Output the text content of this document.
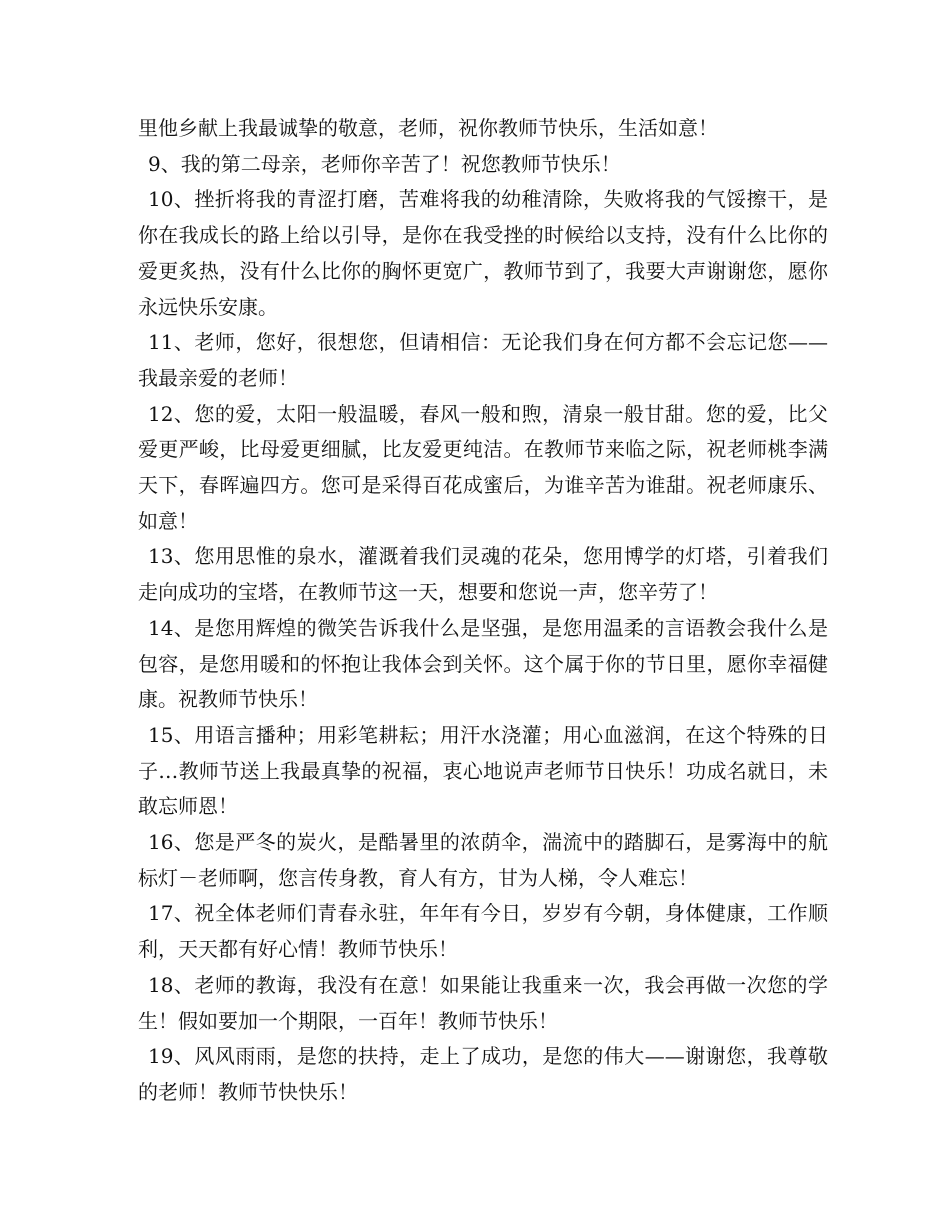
里他乡献上我最诚挚的敬意，老师，祝你教师节快乐，生活如意！

9、我的第二母亲，老师你辛苦了！祝您教师节快乐！

10、挫折将我的青涩打磨，苦难将我的幼稚清除，失败将我的气馁擦干，是你在我成长的路上给以引导，是你在我受挫的时候给以支持，没有什么比你的爱更炙热，没有什么比你的胸怀更宽广，教师节到了，我要大声谢谢您，愿你永远快乐安康。

11、老师，您好，很想您，但请相信：无论我们身在何方都不会忘记您——我最亲爱的老师！

12、您的爱，太阳一般温暖，春风一般和煦，清泉一般甘甜。您的爱，比父爱更严峻，比母爱更细腻，比友爱更纯洁。在教师节来临之际，祝老师桃李满天下，春晖遍四方。您可是采得百花成蜜后，为谁辛苦为谁甜。祝老师康乐、如意！

13、您用思惟的泉水，灌溉着我们灵魂的花朵，您用博学的灯塔，引着我们走向成功的宝塔，在教师节这一天，想要和您说一声，您辛劳了！

14、是您用辉煌的微笑告诉我什么是坚强，是您用温柔的言语教会我什么是包容，是您用暖和的怀抱让我体会到关怀。这个属于你的节日里，愿你幸福健康。祝教师节快乐！

15、用语言播种；用彩笔耕耘；用汗水浇灌；用心血滋润，在这个特殊的日子…教师节送上我最真挚的祝福，衷心地说声老师节日快乐！功成名就日，未敢忘师恩！

16、您是严冬的炭火，是酷暑里的浓荫伞，湍流中的踏脚石，是雾海中的航标灯－老师啊，您言传身教，育人有方，甘为人梯，令人难忘！

17、祝全体老师们青春永驻，年年有今日，岁岁有今朝，身体健康，工作顺利，天天都有好心情！教师节快乐！

18、老师的教诲，我没有在意！如果能让我重来一次，我会再做一次您的学生！假如要加一个期限，一百年！教师节快乐！

19、风风雨雨，是您的扶持，走上了成功，是您的伟大——谢谢您，我尊敬的老师！教师节快快乐！
